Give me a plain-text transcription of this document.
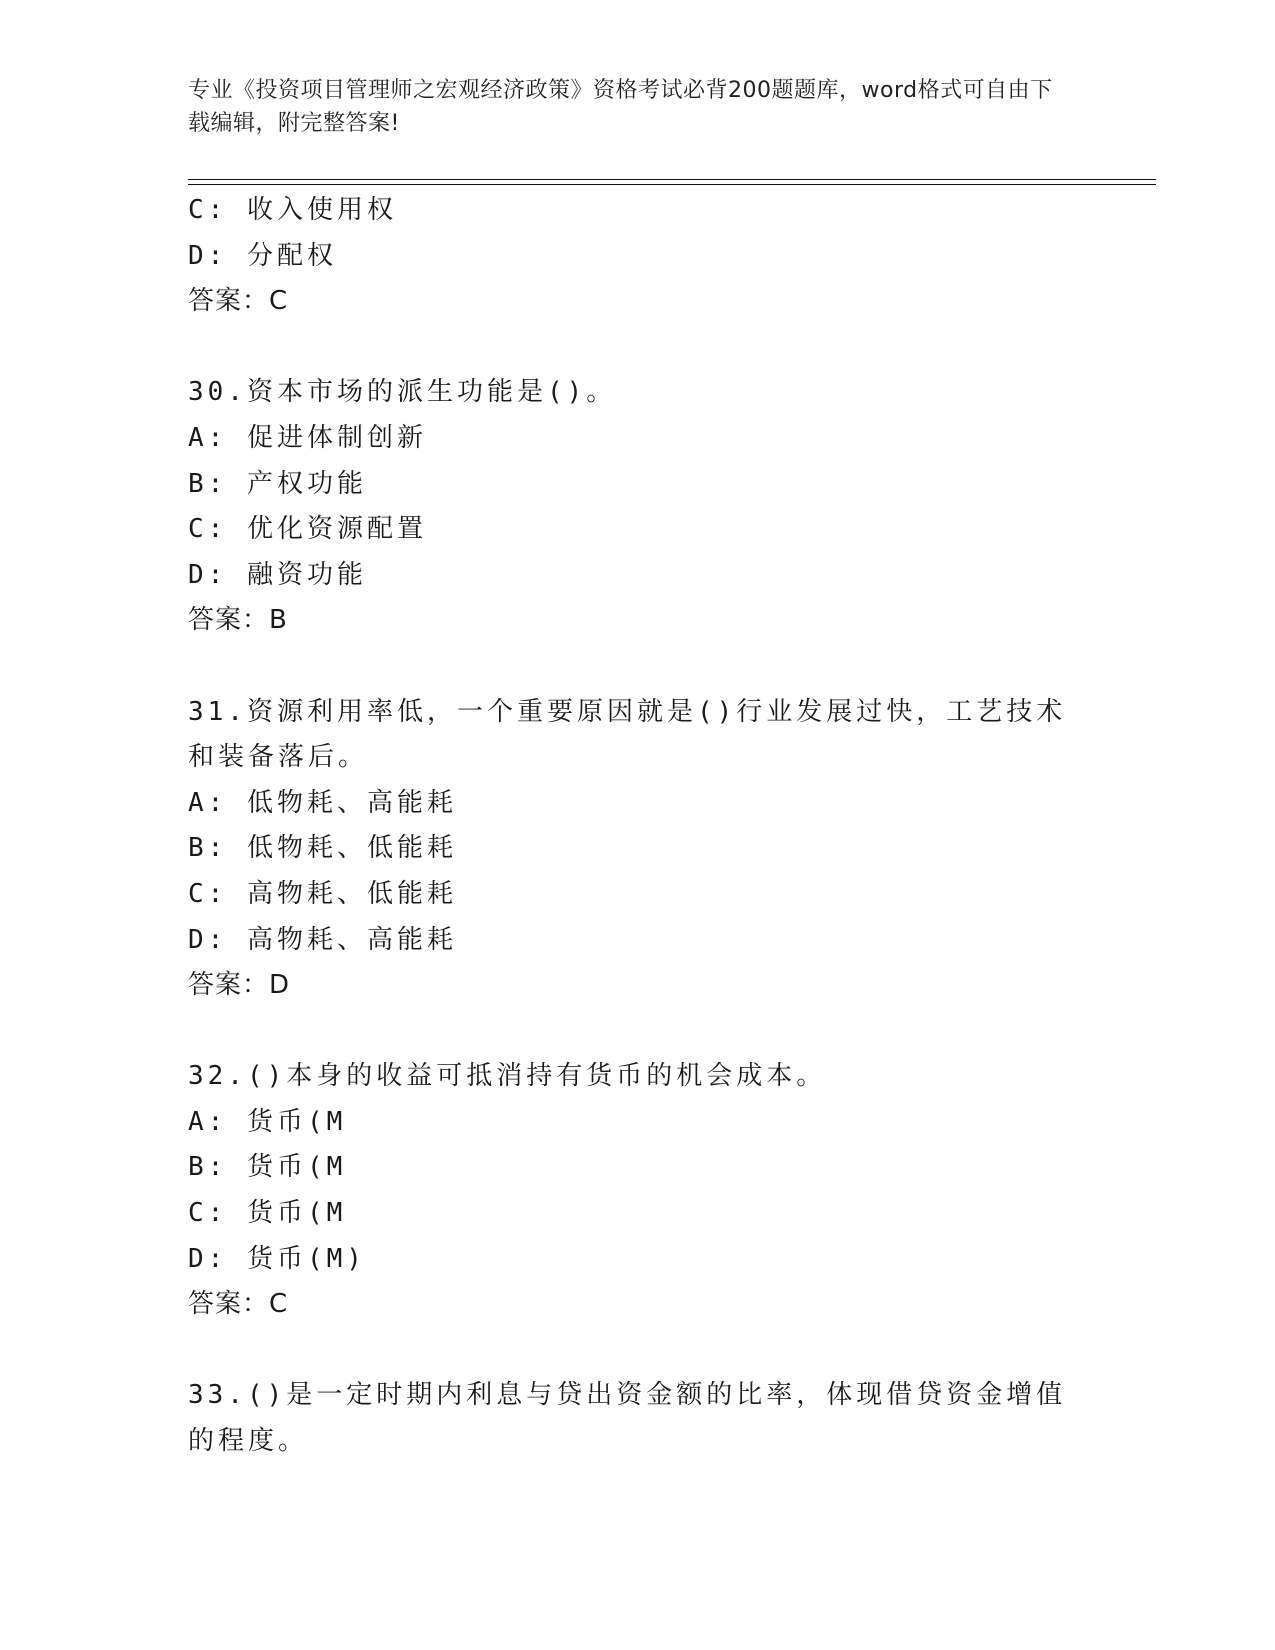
专业《投资项目管理师之宏观经济政策》资格考试必背200题题库，word格式可自由下载编辑，附完整答案!
C: 收入使用权
D: 分配权
答案：C
30.资本市场的派生功能是()。
A: 促进体制创新
B: 产权功能
C: 优化资源配置
D: 融资功能
答案：B
31.资源利用率低，一个重要原因就是()行业发展过快，工艺技术和装备落后。
A: 低物耗、高能耗
B: 低物耗、低能耗
C: 高物耗、低能耗
D: 高物耗、高能耗
答案：D
32.()本身的收益可抵消持有货币的机会成本。
A: 货币(M
B: 货币(M
C: 货币(M
D: 货币(M)
答案：C
33.()是一定时期内利息与贷出资金额的比率，体现借贷资金增值的程度。
